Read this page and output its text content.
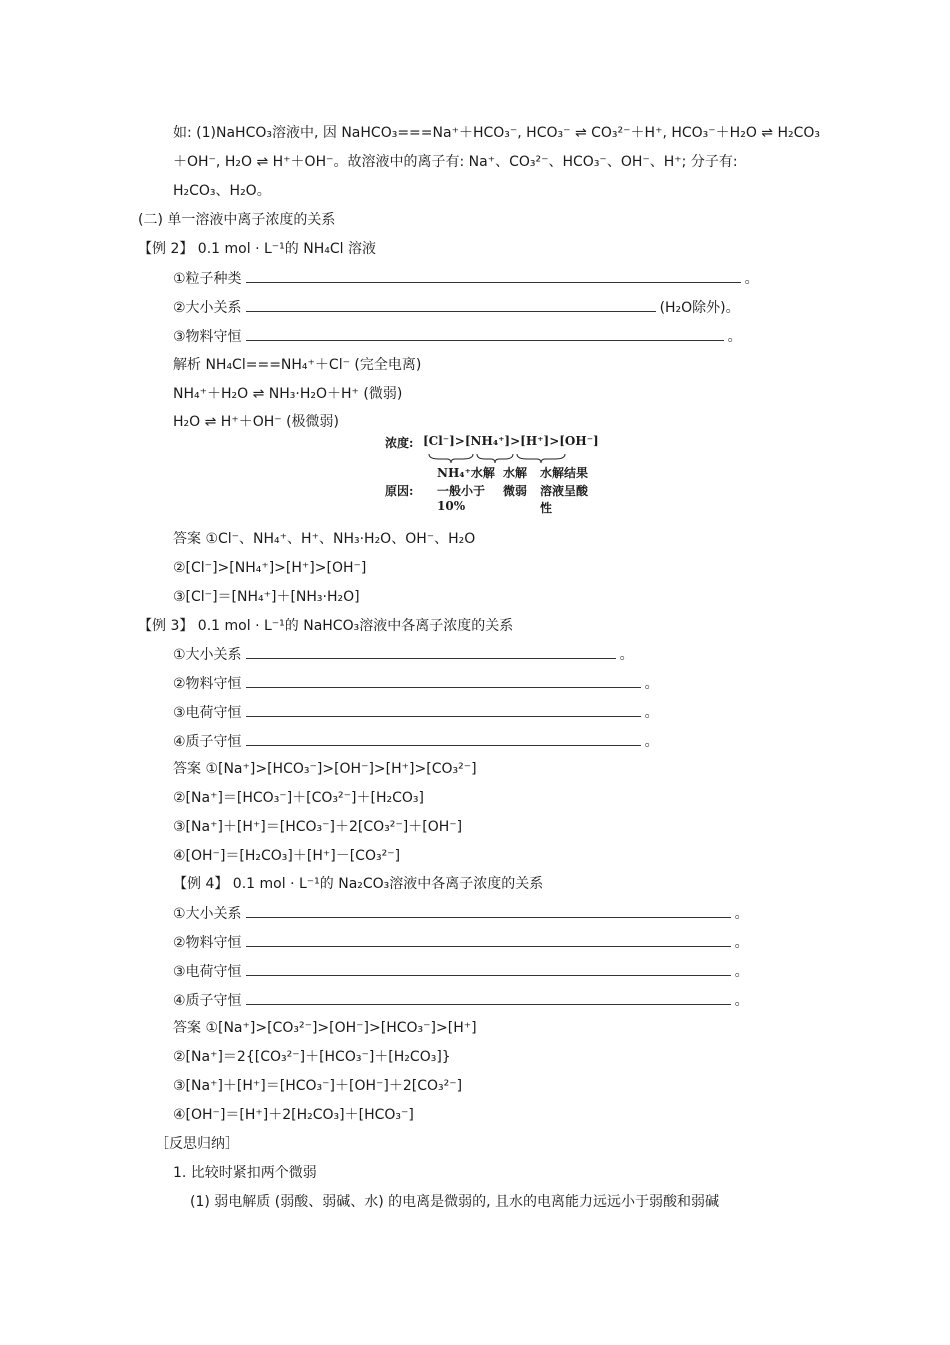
如: (1)NaHCO₃溶液中, 因 NaHCO₃===Na⁺＋HCO₃⁻, HCO₃⁻ ⇌ CO₃²⁻＋H⁺, HCO₃⁻＋H₂O ⇌ H₂CO₃
＋OH⁻, H₂O ⇌ H⁺＋OH⁻。故溶液中的离子有: Na⁺、CO₃²⁻、HCO₃⁻、OH⁻、H⁺; 分子有:
H₂CO₃、H₂O。
(二) 单一溶液中离子浓度的关系
【例 2】 0.1 mol · L⁻¹的 NH₄Cl 溶液
①粒子种类	。
②大小关系	(H₂O除外)。
③物料守恒	。
解析 NH₄Cl===NH₄⁺＋Cl⁻ (完全电离)
NH₄⁺＋H₂O ⇌ NH₃·H₂O＋H⁺ (微弱)
H₂O ⇌ H⁺＋OH⁻ (极微弱)
浓度: [Cl⁻]>[NH₄⁺]>[H⁺]>[OH⁻]
原因:
NH₄⁺水解
一般小于
10%
水解
微弱
水解结果
溶液呈酸
性
答案 ①Cl⁻、NH₄⁺、H⁺、NH₃·H₂O、OH⁻、H₂O
②[Cl⁻]>[NH₄⁺]>[H⁺]>[OH⁻]
③[Cl⁻]＝[NH₄⁺]＋[NH₃·H₂O]
【例 3】 0.1 mol · L⁻¹的 NaHCO₃溶液中各离子浓度的关系
①大小关系	。
②物料守恒	。
③电荷守恒	。
④质子守恒	。
答案 ①[Na⁺]>[HCO₃⁻]>[OH⁻]>[H⁺]>[CO₃²⁻]
②[Na⁺]＝[HCO₃⁻]＋[CO₃²⁻]＋[H₂CO₃]
③[Na⁺]＋[H⁺]＝[HCO₃⁻]＋2[CO₃²⁻]＋[OH⁻]
④[OH⁻]＝[H₂CO₃]＋[H⁺]－[CO₃²⁻]
【例 4】 0.1 mol · L⁻¹的 Na₂CO₃溶液中各离子浓度的关系
①大小关系	。
②物料守恒	。
③电荷守恒	。
④质子守恒	。
答案 ①[Na⁺]>[CO₃²⁻]>[OH⁻]>[HCO₃⁻]>[H⁺]
②[Na⁺]＝2{[CO₃²⁻]＋[HCO₃⁻]＋[H₂CO₃]}
③[Na⁺]＋[H⁺]＝[HCO₃⁻]＋[OH⁻]＋2[CO₃²⁻]
④[OH⁻]＝[H⁺]＋2[H₂CO₃]＋[HCO₃⁻]
［反思归纳］
1. 比较时紧扣两个微弱
(1) 弱电解质 (弱酸、弱碱、水) 的电离是微弱的, 且水的电离能力远远小于弱酸和弱碱
